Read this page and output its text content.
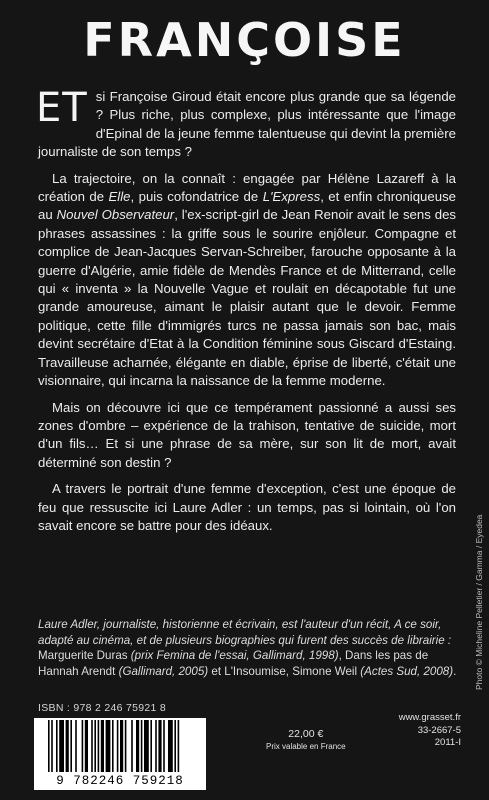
FRANÇOISE

ET si Françoise Giroud était encore plus grande que sa légende ? Plus riche, plus complexe, plus intéressante que l'image d'Epinal de la jeune femme talentueuse qui devint la première journaliste de son temps ?

La trajectoire, on la connaît : engagée par Hélène Lazareff à la création de Elle, puis cofondatrice de L'Express, et enfin chroniqueuse au Nouvel Observateur, l'ex-script-girl de Jean Renoir avait le sens des phrases assassines : la griffe sous le sourire enjôleur. Compagne et complice de Jean-Jacques Servan-Schreiber, farouche opposante à la guerre d'Algérie, amie fidèle de Mendès France et de Mitterrand, celle qui « inventa » la Nouvelle Vague et roulait en décapotable fut une grande amoureuse, aimant le plaisir autant que le devoir. Femme politique, cette fille d'immigrés turcs ne passa jamais son bac, mais devint secrétaire d'Etat à la Condition féminine sous Giscard d'Estaing. Travailleuse acharnée, élégante en diable, éprise de liberté, c'était une visionnaire, qui incarna la naissance de la femme moderne.

Mais on découvre ici que ce tempérament passionné a aussi ses zones d'ombre – expérience de la trahison, tentative de suicide, mort d'un fils… Et si une phrase de sa mère, sur son lit de mort, avait déterminé son destin ?

A travers le portrait d'une femme d'exception, c'est une époque de feu que ressuscite ici Laure Adler : un temps, pas si lointain, où l'on savait encore se battre pour des idéaux.

Laure Adler, journaliste, historienne et écrivain, est l'auteur d'un récit, A ce soir, adapté au cinéma, et de plusieurs biographies qui furent des succès de librairie : Marguerite Duras (prix Femina de l'essai, Gallimard, 1998), Dans les pas de Hannah Arendt (Gallimard, 2005) et L'Insoumise, Simone Weil (Actes Sud, 2008).	Photo © Micheline Pelletier / Gamma / Eyedea
ISBN : 978 2 246 75921 8
9 782246 759218
22,00 €
Prix valable en France
www.grasset.fr
33-2667-5
2011-I
